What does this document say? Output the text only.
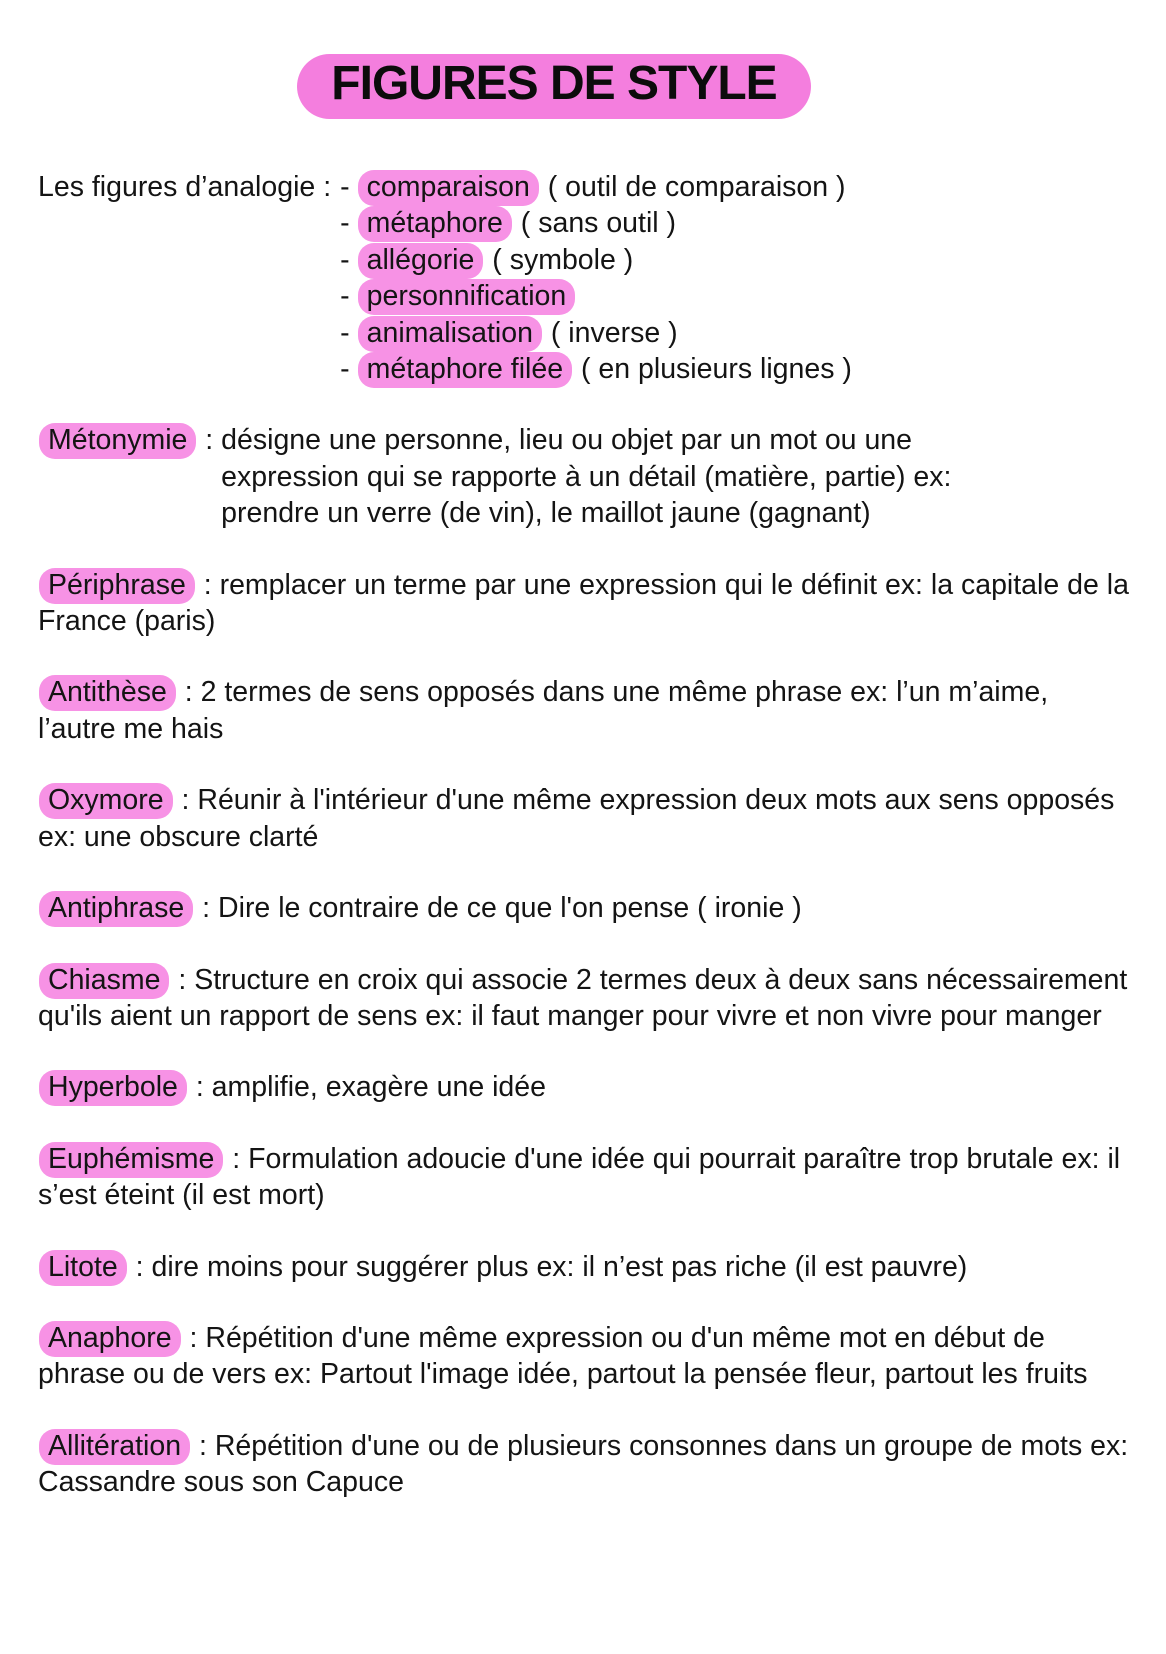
FIGURES DE STYLE
Les figures d’analogie : - comparaison ( outil de comparaison )
- métaphore ( sans outil )
- allégorie ( symbole )
- personnification
- animalisation ( inverse )
- métaphore filée ( en plusieurs lignes )

Métonymie : désigne une personne, lieu ou objet par un mot ou une expression qui se rapporte à un détail (matière, partie) ex: prendre un verre (de vin), le maillot jaune (gagnant)

Périphrase : remplacer un terme par une expression qui le définit ex: la capitale de la France (paris)

Antithèse : 2 termes de sens opposés dans une même phrase ex: l’un m’aime, l’autre me hais

Oxymore : Réunir à l'intérieur d'une même expression deux mots aux sens opposés ex: une obscure clarté

Antiphrase : Dire le contraire de ce que l'on pense ( ironie )

Chiasme : Structure en croix qui associe 2 termes deux à deux sans nécessairement qu'ils aient un rapport de sens ex: il faut manger pour vivre et non vivre pour manger

Hyperbole : amplifie, exagère une idée

Euphémisme : Formulation adoucie d'une idée qui pourrait paraître trop brutale ex: il s’est éteint (il est mort)

Litote : dire moins pour suggérer plus ex: il n’est pas riche (il est pauvre)

Anaphore : Répétition d'une même expression ou d'un même mot en début de phrase ou de vers ex: Partout l'image idée, partout la pensée fleur, partout les fruits

Allitération : Répétition d'une ou de plusieurs consonnes dans un groupe de mots ex: Cassandre sous son Capuce
